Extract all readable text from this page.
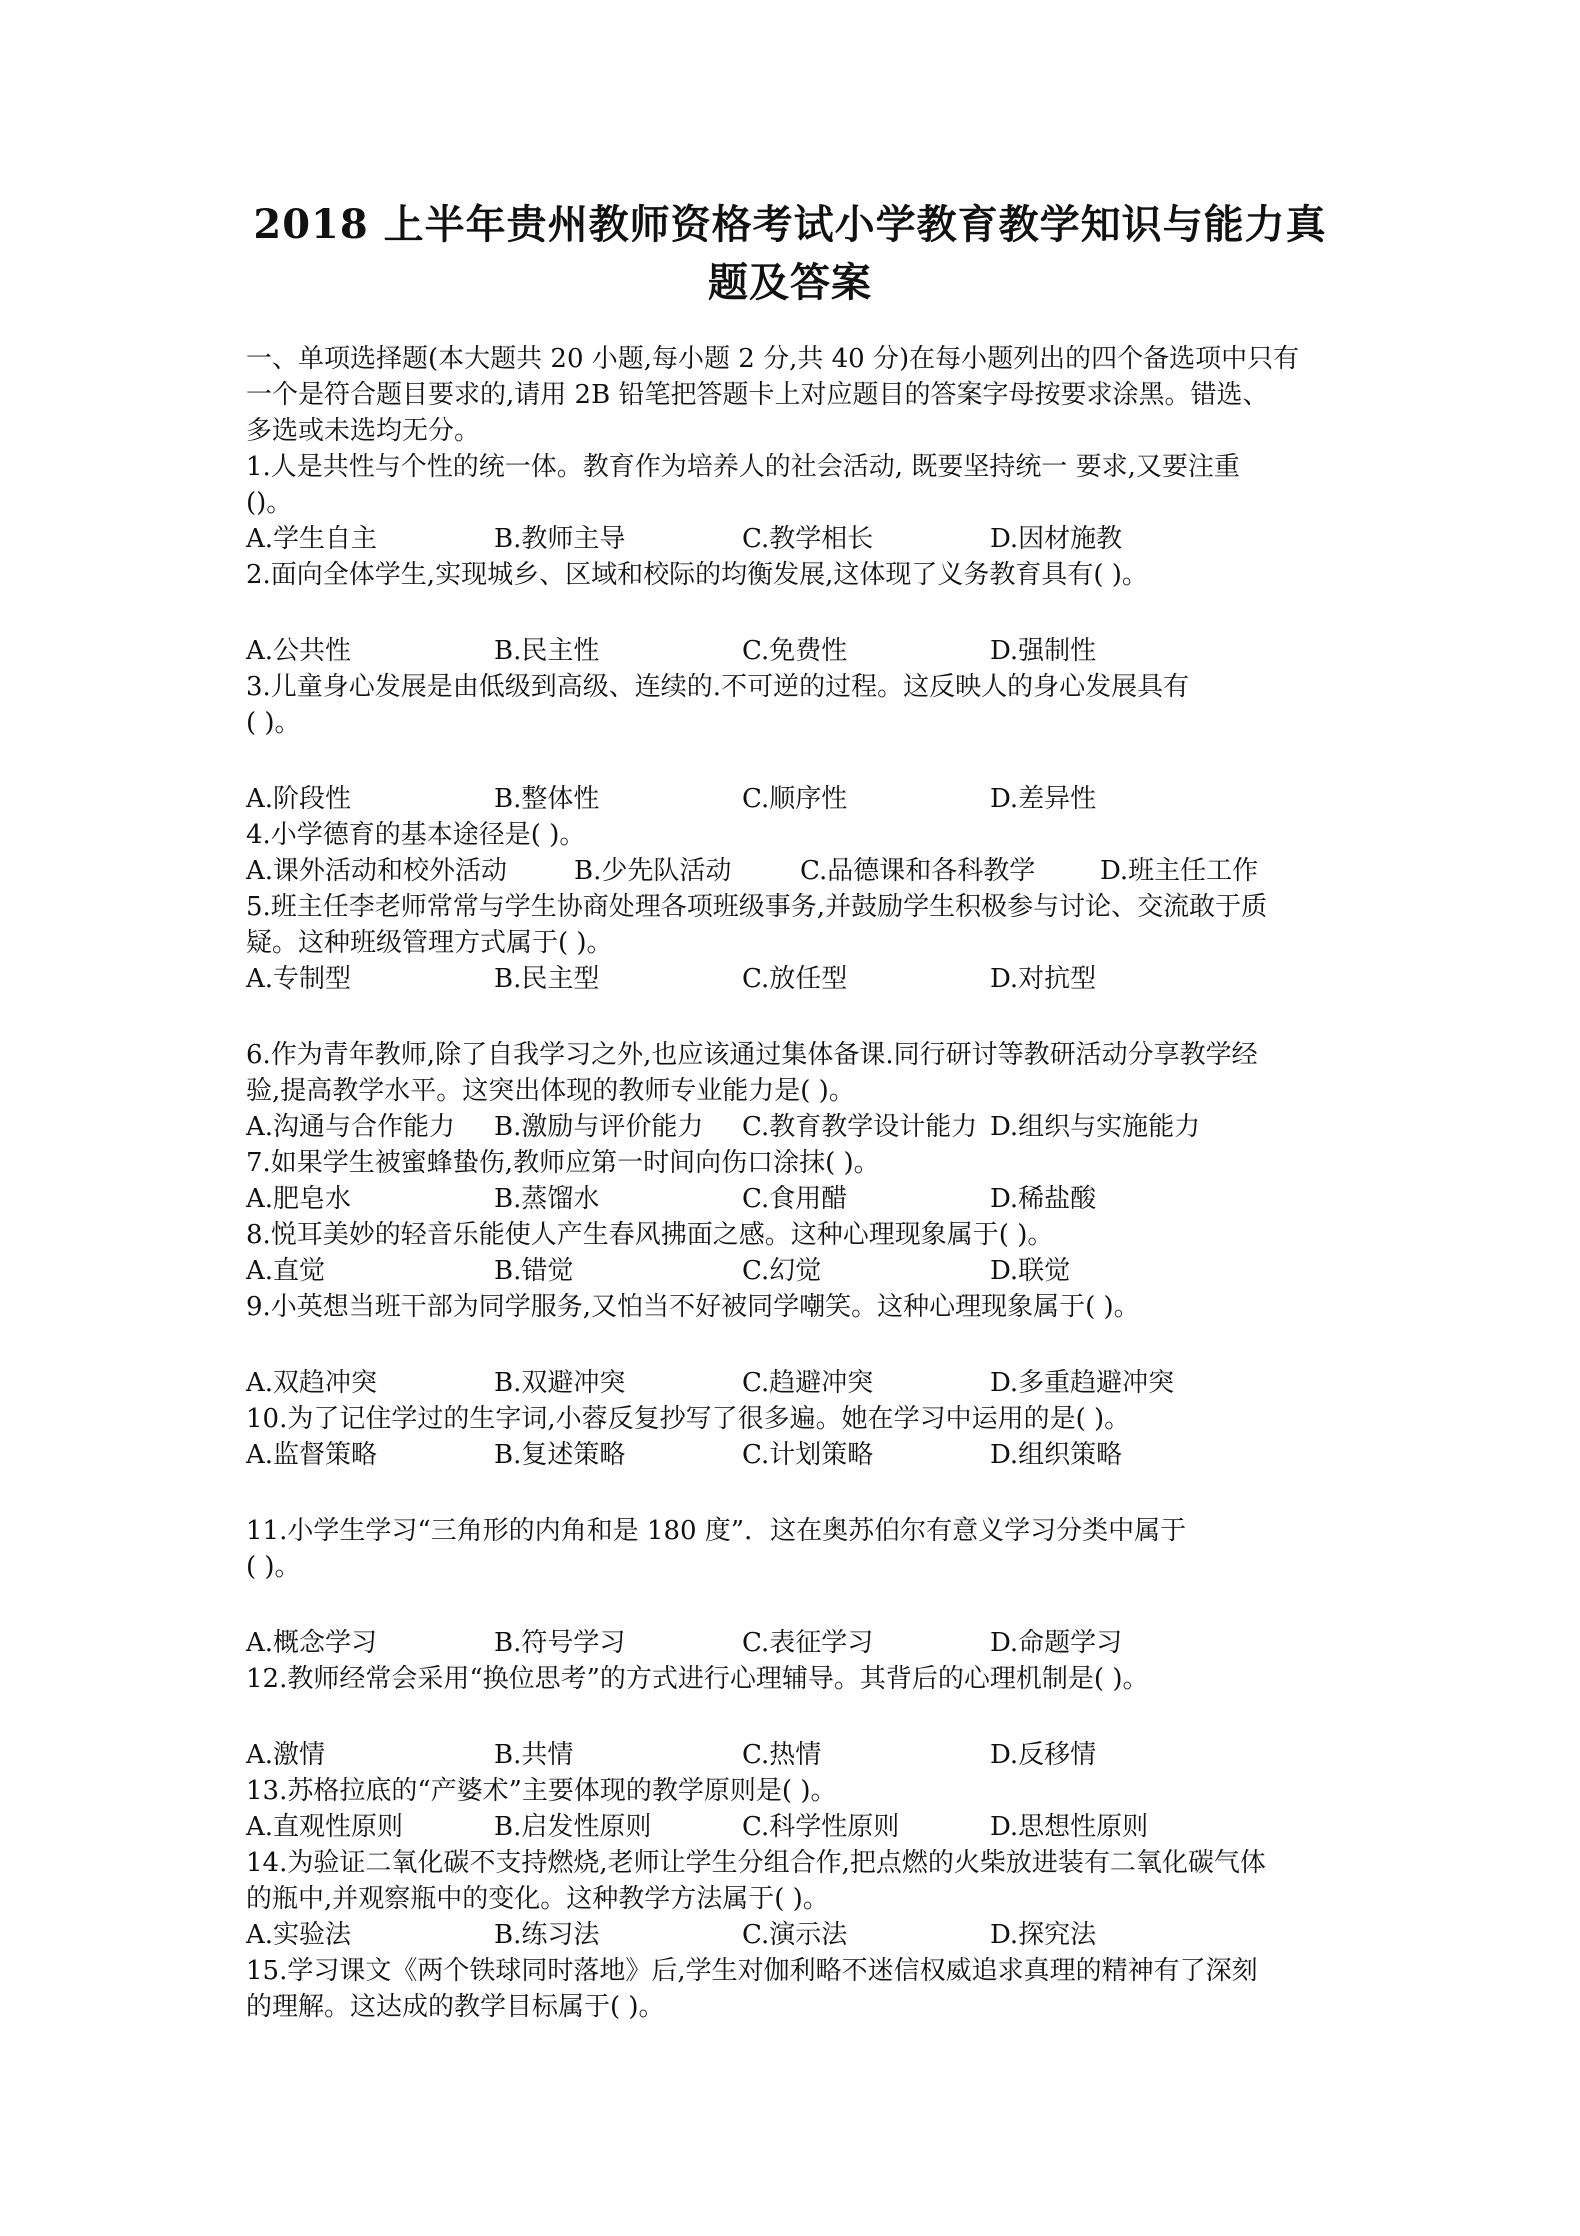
2018 上半年贵州教师资格考试小学教育教学知识与能力真
题及答案
一、单项选择题(本大题共 20 小题,每小题 2 分,共 40 分)在每小题列出的四个备选项中只有
一个是符合题目要求的,请用 2B 铅笔把答题卡上对应题目的答案字母按要求涂黑。错选、
多选或未选均无分。
1.人是共性与个性的统一体。教育作为培养人的社会活动, 既要坚持统一 要求,又要注重
()。
A.学生自主	B.教师主导	C.教学相长	D.因材施教
2.面向全体学生,实现城乡、区域和校际的均衡发展,这体现了义务教育具有( )。
A.公共性	B.民主性	C.免费性	D.强制性
3.儿童身心发展是由低级到高级、连续的.不可逆的过程。这反映人的身心发展具有
( )。
A.阶段性	B.整体性	C.顺序性	D.差异性
4.小学德育的基本途径是( )。
A.课外活动和校外活动	B.少先队活动	C.品德课和各科教学 D.班主任工作
5.班主任李老师常常与学生协商处理各项班级事务,并鼓励学生积极参与讨论、交流敢于质
疑。这种班级管理方式属于( )。
A.专制型	B.民主型	C.放任型	D.对抗型
6.作为青年教师,除了自我学习之外,也应该通过集体备课.同行研讨等教研活动分享教学经
验,提高教学水平。这突出体现的教师专业能力是( )。
A.沟通与合作能力 B.激励与评价能力 C.教育教学设计能力 D.组织与实施能力
7.如果学生被蜜蜂蛰伤,教师应第一时间向伤口涂抹( )。
A.肥皂水	B.蒸馏水	C.食用醋	D.稀盐酸
8.悦耳美妙的轻音乐能使人产生春风拂面之感。这种心理现象属于( )。
A.直觉	B.错觉	C.幻觉	D.联觉
9.小英想当班干部为同学服务,又怕当不好被同学嘲笑。这种心理现象属于( )。
A.双趋冲突	B.双避冲突	C.趋避冲突	D.多重趋避冲突
10.为了记住学过的生字词,小蓉反复抄写了很多遍。她在学习中运用的是( )。
A.监督策略	B.复述策略	C.计划策略	D.组织策略
11.小学生学习“三角形的内角和是 180 度”．这在奥苏伯尔有意义学习分类中属于
( )。
A.概念学习	B.符号学习	C.表征学习	D.命题学习
12.教师经常会采用“换位思考”的方式进行心理辅导。其背后的心理机制是( )。
A.激情	B.共情	C.热情	D.反移情
13.苏格拉底的“产婆术”主要体现的教学原则是( )。
A.直观性原则	B.启发性原则	C.科学性原则	D.思想性原则
14.为验证二氧化碳不支持燃烧,老师让学生分组合作,把点燃的火柴放进装有二氧化碳气体
的瓶中,并观察瓶中的变化。这种教学方法属于( )。
A.实验法	B.练习法	C.演示法	D.探究法
15.学习课文《两个铁球同时落地》后,学生对伽利略不迷信权威追求真理的精神有了深刻
的理解。这达成的教学目标属于( )。
